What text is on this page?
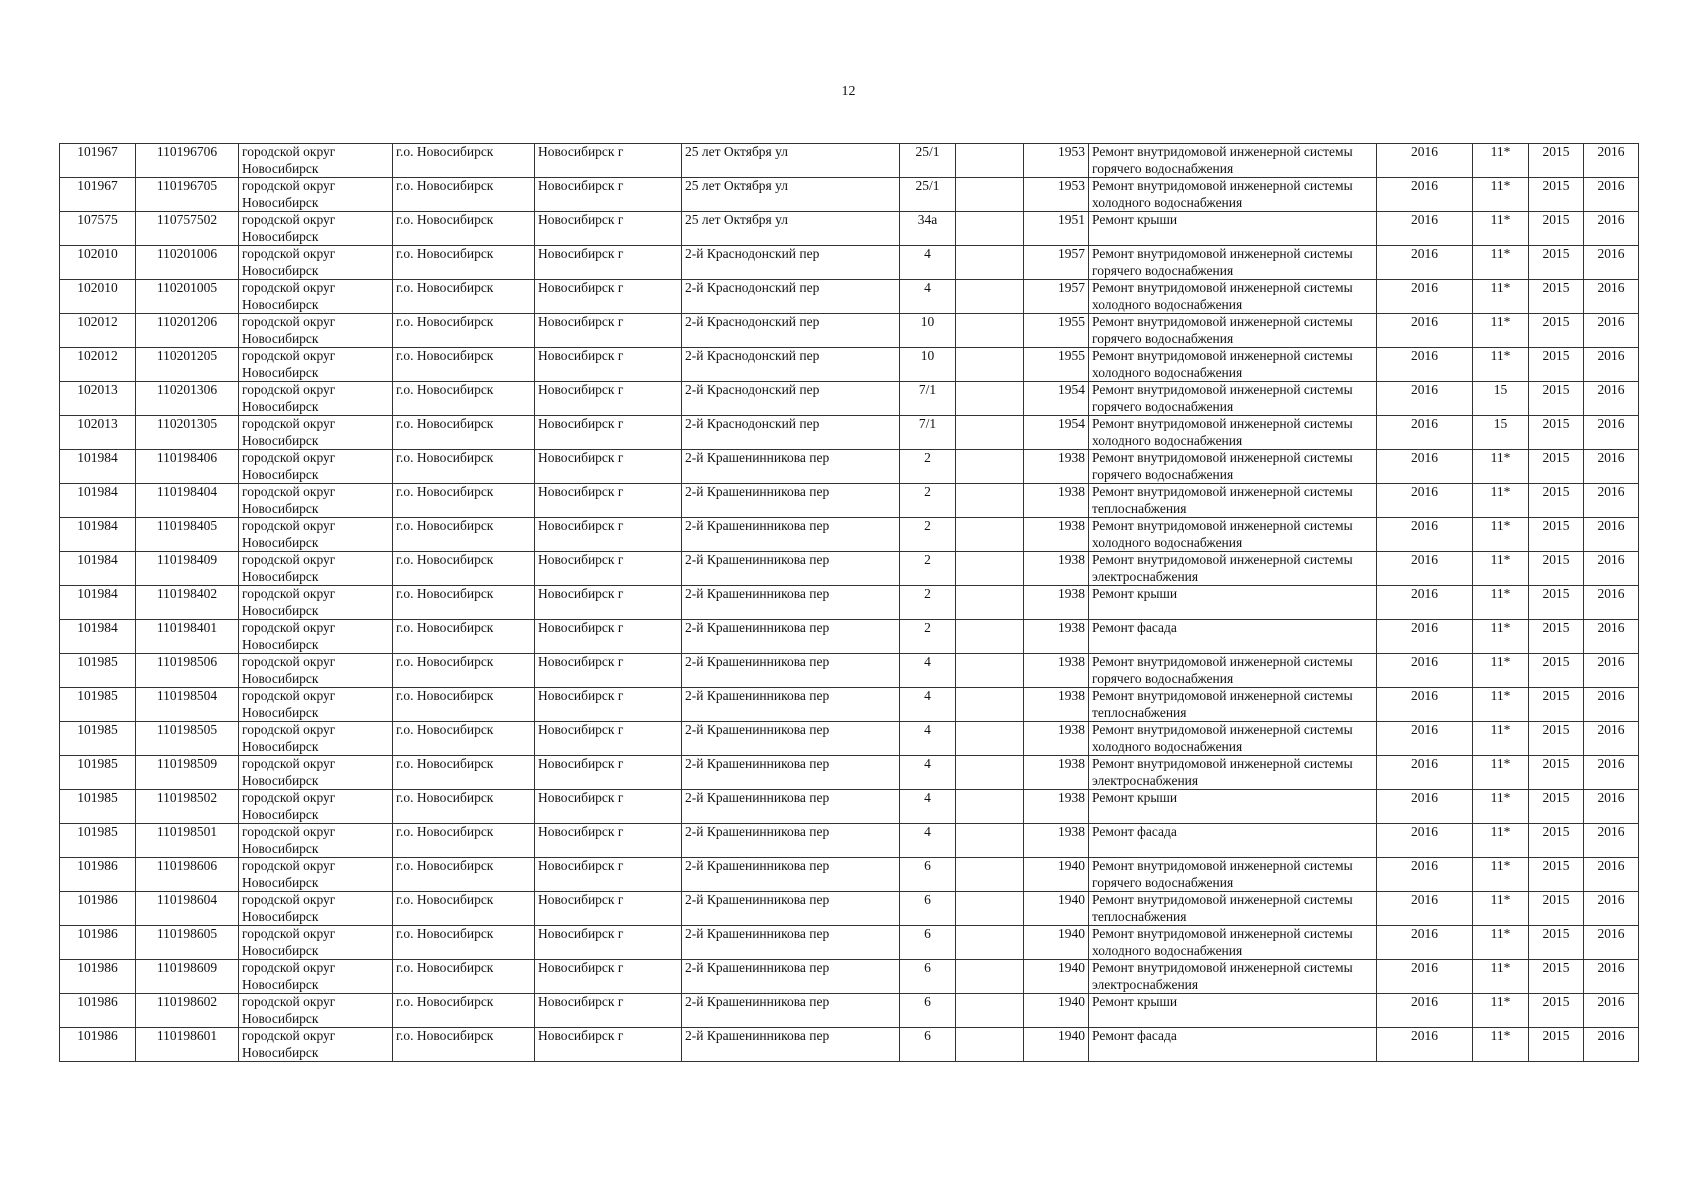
12
101967	110196706	городской округ Новосибирск	г.о. Новосибирск	Новосибирск г	25 лет Октября ул	25/1		1953	Ремонт внутридомовой инженерной системы горячего водоснабжения	2016	11*	2015	2016
101967	110196705	городской округ Новосибирск	г.о. Новосибирск	Новосибирск г	25 лет Октября ул	25/1		1953	Ремонт внутридомовой инженерной системы холодного водоснабжения	2016	11*	2015	2016
107575	110757502	городской округ Новосибирск	г.о. Новосибирск	Новосибирск г	25 лет Октября ул	34а		1951	Ремонт крыши	2016	11*	2015	2016
102010	110201006	городской округ Новосибирск	г.о. Новосибирск	Новосибирск г	2-й Краснодонский пер	4		1957	Ремонт внутридомовой инженерной системы горячего водоснабжения	2016	11*	2015	2016
102010	110201005	городской округ Новосибирск	г.о. Новосибирск	Новосибирск г	2-й Краснодонский пер	4		1957	Ремонт внутридомовой инженерной системы холодного водоснабжения	2016	11*	2015	2016
102012	110201206	городской округ Новосибирск	г.о. Новосибирск	Новосибирск г	2-й Краснодонский пер	10		1955	Ремонт внутридомовой инженерной системы горячего водоснабжения	2016	11*	2015	2016
102012	110201205	городской округ Новосибирск	г.о. Новосибирск	Новосибирск г	2-й Краснодонский пер	10		1955	Ремонт внутридомовой инженерной системы холодного водоснабжения	2016	11*	2015	2016
102013	110201306	городской округ Новосибирск	г.о. Новосибирск	Новосибирск г	2-й Краснодонский пер	7/1		1954	Ремонт внутридомовой инженерной системы горячего водоснабжения	2016	15	2015	2016
102013	110201305	городской округ Новосибирск	г.о. Новосибирск	Новосибирск г	2-й Краснодонский пер	7/1		1954	Ремонт внутридомовой инженерной системы холодного водоснабжения	2016	15	2015	2016
101984	110198406	городской округ Новосибирск	г.о. Новосибирск	Новосибирск г	2-й Крашенинникова пер	2		1938	Ремонт внутридомовой инженерной системы горячего водоснабжения	2016	11*	2015	2016
101984	110198404	городской округ Новосибирск	г.о. Новосибирск	Новосибирск г	2-й Крашенинникова пер	2		1938	Ремонт внутридомовой инженерной системы теплоснабжения	2016	11*	2015	2016
101984	110198405	городской округ Новосибирск	г.о. Новосибирск	Новосибирск г	2-й Крашенинникова пер	2		1938	Ремонт внутридомовой инженерной системы холодного водоснабжения	2016	11*	2015	2016
101984	110198409	городской округ Новосибирск	г.о. Новосибирск	Новосибирск г	2-й Крашенинникова пер	2		1938	Ремонт внутридомовой инженерной системы электроснабжения	2016	11*	2015	2016
101984	110198402	городской округ Новосибирск	г.о. Новосибирск	Новосибирск г	2-й Крашенинникова пер	2		1938	Ремонт крыши	2016	11*	2015	2016
101984	110198401	городской округ Новосибирск	г.о. Новосибирск	Новосибирск г	2-й Крашенинникова пер	2		1938	Ремонт фасада	2016	11*	2015	2016
101985	110198506	городской округ Новосибирск	г.о. Новосибирск	Новосибирск г	2-й Крашенинникова пер	4		1938	Ремонт внутридомовой инженерной системы горячего водоснабжения	2016	11*	2015	2016
101985	110198504	городской округ Новосибирск	г.о. Новосибирск	Новосибирск г	2-й Крашенинникова пер	4		1938	Ремонт внутридомовой инженерной системы теплоснабжения	2016	11*	2015	2016
101985	110198505	городской округ Новосибирск	г.о. Новосибирск	Новосибирск г	2-й Крашенинникова пер	4		1938	Ремонт внутридомовой инженерной системы холодного водоснабжения	2016	11*	2015	2016
101985	110198509	городской округ Новосибирск	г.о. Новосибирск	Новосибирск г	2-й Крашенинникова пер	4		1938	Ремонт внутридомовой инженерной системы электроснабжения	2016	11*	2015	2016
101985	110198502	городской округ Новосибирск	г.о. Новосибирск	Новосибирск г	2-й Крашенинникова пер	4		1938	Ремонт крыши	2016	11*	2015	2016
101985	110198501	городской округ Новосибирск	г.о. Новосибирск	Новосибирск г	2-й Крашенинникова пер	4		1938	Ремонт фасада	2016	11*	2015	2016
101986	110198606	городской округ Новосибирск	г.о. Новосибирск	Новосибирск г	2-й Крашенинникова пер	6		1940	Ремонт внутридомовой инженерной системы горячего водоснабжения	2016	11*	2015	2016
101986	110198604	городской округ Новосибирск	г.о. Новосибирск	Новосибирск г	2-й Крашенинникова пер	6		1940	Ремонт внутридомовой инженерной системы теплоснабжения	2016	11*	2015	2016
101986	110198605	городской округ Новосибирск	г.о. Новосибирск	Новосибирск г	2-й Крашенинникова пер	6		1940	Ремонт внутридомовой инженерной системы холодного водоснабжения	2016	11*	2015	2016
101986	110198609	городской округ Новосибирск	г.о. Новосибирск	Новосибирск г	2-й Крашенинникова пер	6		1940	Ремонт внутридомовой инженерной системы электроснабжения	2016	11*	2015	2016
101986	110198602	городской округ Новосибирск	г.о. Новосибирск	Новосибирск г	2-й Крашенинникова пер	6		1940	Ремонт крыши	2016	11*	2015	2016
101986	110198601	городской округ Новосибирск	г.о. Новосибирск	Новосибирск г	2-й Крашенинникова пер	6		1940	Ремонт фасада	2016	11*	2015	2016
